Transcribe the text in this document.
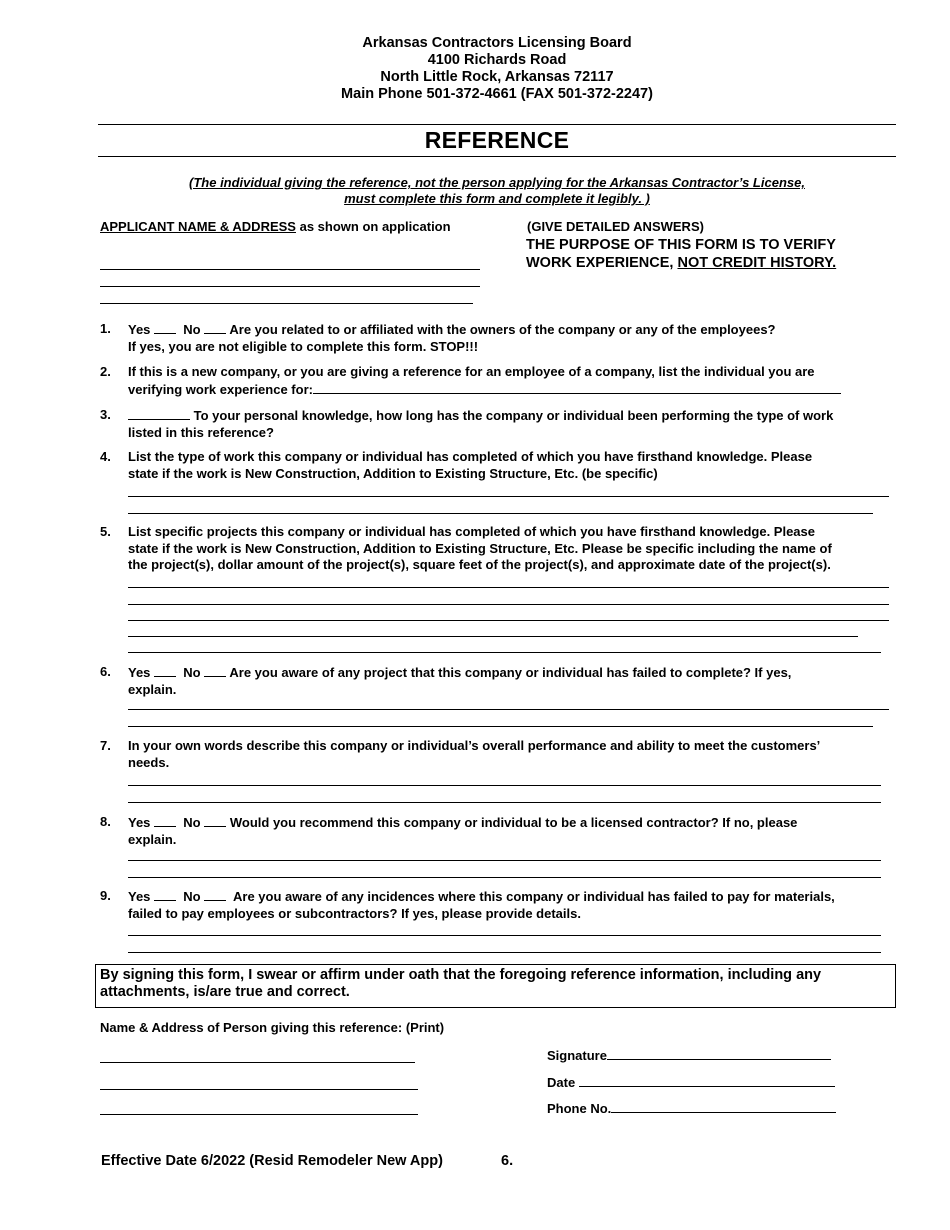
Arkansas Contractors Licensing Board
4100 Richards Road
North Little Rock, Arkansas 72117
Main Phone 501-372-4661 (FAX 501-372-2247)
REFERENCE
(The individual giving the reference, not the person applying for the Arkansas Contractor’s License,
must complete this form and complete it legibly. )
APPLICANT NAME & ADDRESS as shown on application	(GIVE DETAILED ANSWERS)
THE PURPOSE OF THIS FORM IS TO VERIFY
WORK EXPERIENCE, NOT CREDIT HISTORY.
1. Yes	No Are you related to or affiliated with the owners of the company or any of the employees?
If yes, you are not eligible to complete this form. STOP!!!
2. If this is a new company, or you are giving a reference for an employee of a company, list the individual you are
verifying work experience for:
3.	To your personal knowledge, how long has the company or individual been performing the type of work
listed in this reference?
4. List the type of work this company or individual has completed of which you have firsthand knowledge. Please
state if the work is New Construction, Addition to Existing Structure, Etc. (be specific)
5. List specific projects this company or individual has completed of which you have firsthand knowledge. Please
state if the work is New Construction, Addition to Existing Structure, Etc. Please be specific including the name of
the project(s), dollar amount of the project(s), square feet of the project(s), and approximate date of the project(s).
6. Yes	No Are you aware of any project that this company or individual has failed to complete? If yes,
explain.
7. In your own words describe this company or individual’s overall performance and ability to meet the customers’
needs.
8. Yes	No Would you recommend this company or individual to be a licensed contractor? If no, please
explain.
9. Yes	No Are you aware of any incidences where this company or individual has failed to pay for materials,
failed to pay employees or subcontractors? If yes, please provide details.
By signing this form, I swear or affirm under oath that the foregoing reference information, including any attachments, is/are true and correct.
Name & Address of Person giving this reference: (Print)
Signature
Date
Phone No.
Effective Date 6/2022 (Resid Remodeler New App)	6.
